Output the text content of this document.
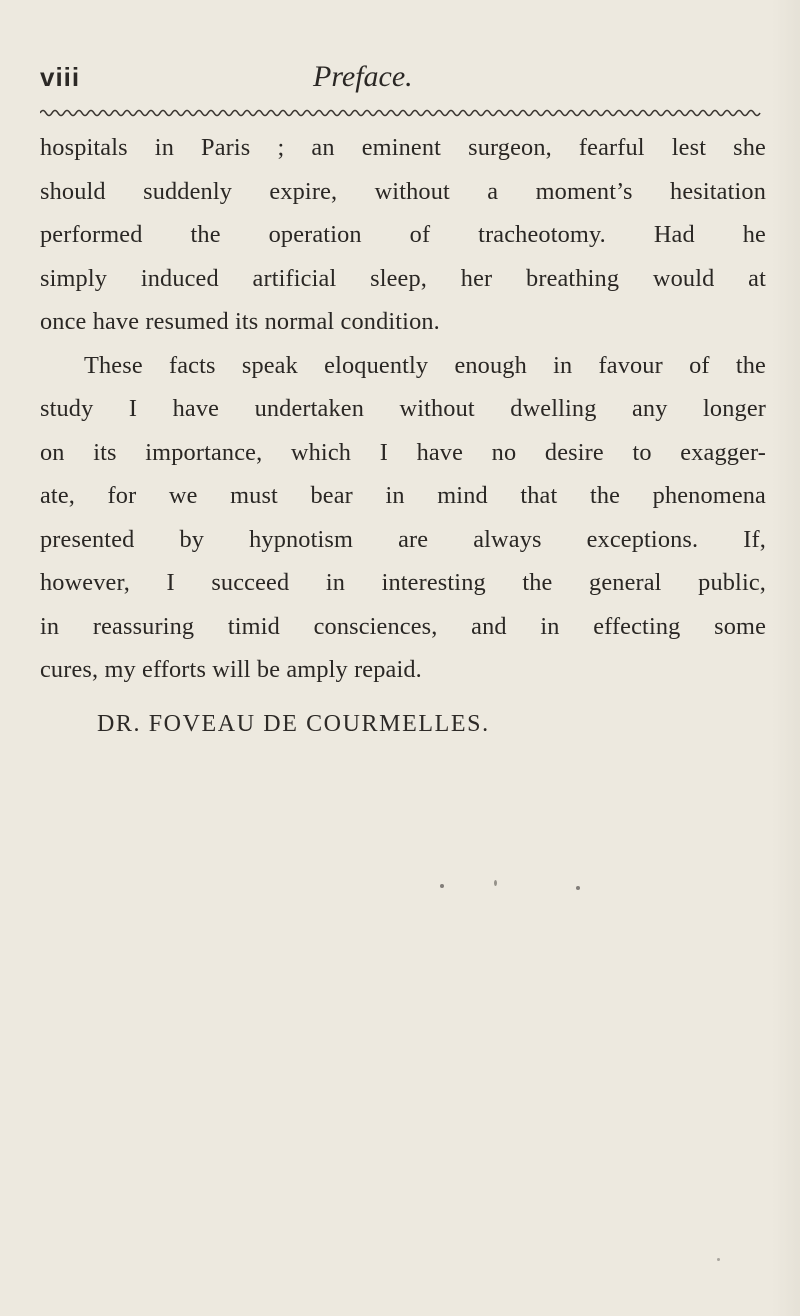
viii	Preface.
hospitals in Paris ; an eminent surgeon, fearful lest she
should suddenly expire, without a moment’s hesitation
performed the operation of tracheotomy. Had he
simply induced artificial sleep, her breathing would at
once have resumed its normal condition.
These facts speak eloquently enough in favour of the
study I have undertaken without dwelling any longer
on its importance, which I have no desire to exagger-
ate, for we must bear in mind that the phenomena
presented by hypnotism are always exceptions. If,
however, I succeed in interesting the general public,
in reassuring timid consciences, and in effecting some
cures, my efforts will be amply repaid.
DR. FOVEAU DE COURMELLES.
